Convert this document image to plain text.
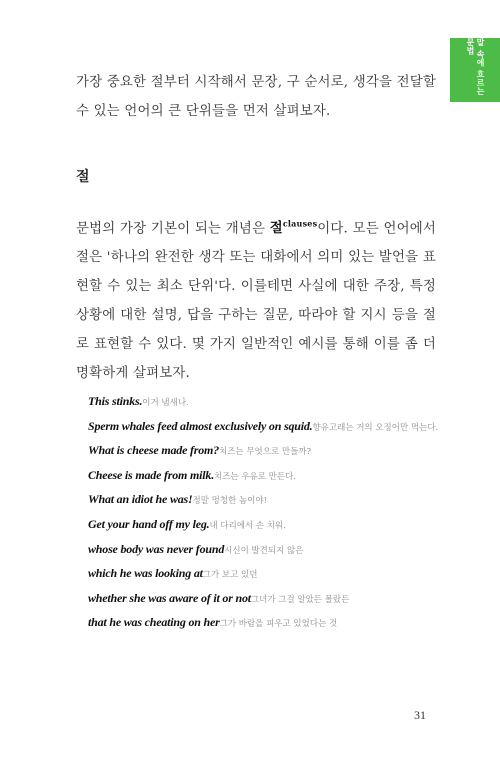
말 속에 흐르는 문법

가장 중요한 절부터 시작해서 문장, 구 순서로, 생각을 전달할 수 있는 언어의 큰 단위들을 먼저 살펴보자.

절

문법의 가장 기본이 되는 개념은 절$^{clauses}$이다. 모든 언어에서 절은 '하나의 완전한 생각 또는 대화에서 의미 있는 발언을 표현할 수 있는 최소 단위'다. 이를테면 사실에 대한 주장, 특정 상황에 대한 설명, 답을 구하는 질문, 따라야 할 지시 등을 절로 표현할 수 있다. 몇 가지 일반적인 예시를 통해 이를 좀 더 명확하게 살펴보자.

This stinks.이거 냄새나.
Sperm whales feed almost exclusively on squid.향유고래는 거의 오징어만 먹는다.
What is cheese made from?치즈는 무엇으로 만들까?
Cheese is made from milk.치즈는 우유로 만든다.
What an idiot he was!정말 멍청한 놈이야!
Get your hand off my leg.내 다리에서 손 치워.
whose body was never found시신이 발견되지 않은
which he was looking at그가 보고 있던
whether she was aware of it or not그녀가 그걸 알았든 몰랐든
that he was cheating on her그가 바람을 피우고 있었다는 것
31
